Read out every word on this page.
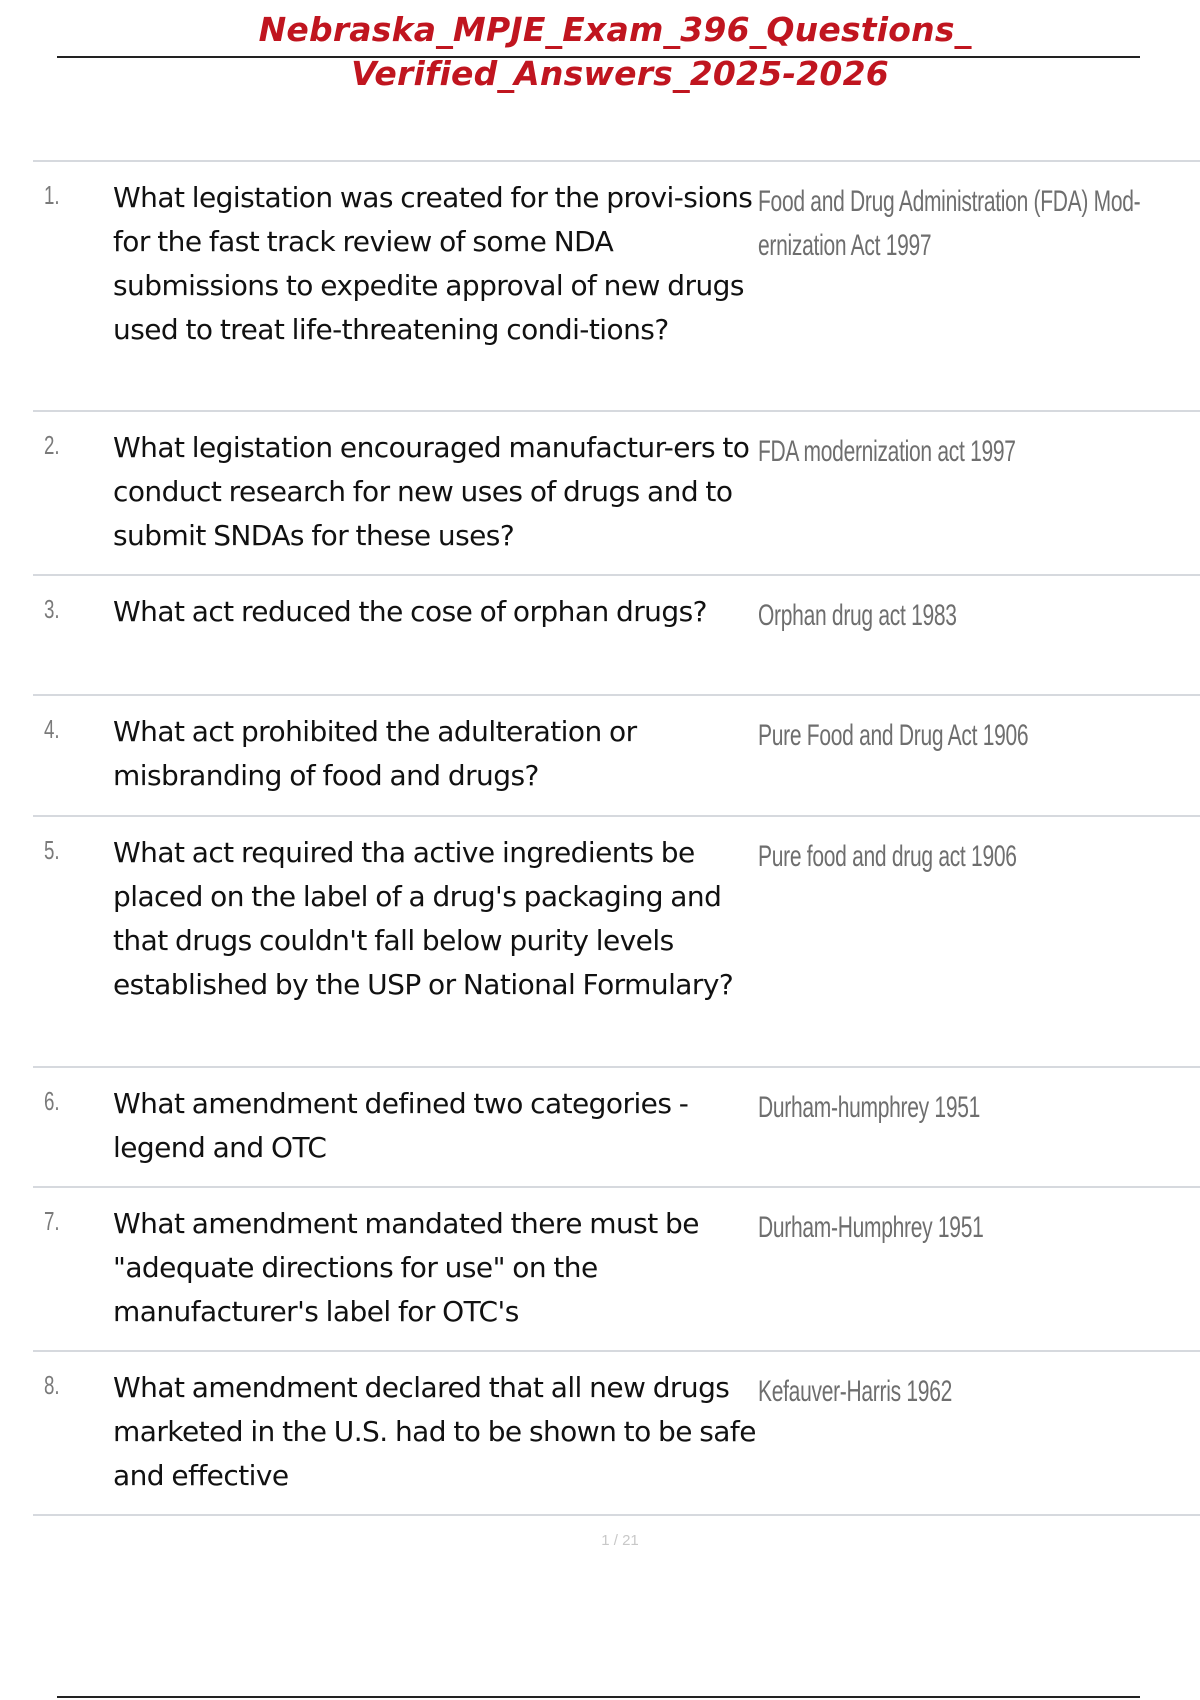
Nebraska_MPJE_Exam_396_Questions_
Verified_Answers_2025-2026
1. What legistation was created for the provi-sions for the fast track review of some NDA submissions to expedite approval of new drugs used to treat life-threatening condi-tions?
Food and Drug Administration (FDA) Mod-ernization Act 1997
2. What legistation encouraged manufactur-ers to conduct research for new uses of drugs and to submit SNDAs for these uses?
FDA modernization act 1997
3. What act reduced the cose of orphan drugs?	Orphan drug act 1983
4. What act prohibited the adulteration or misbranding of food and drugs?
Pure Food and Drug Act 1906
5. What act required tha active ingredients be placed on the label of a drug's packaging and that drugs couldn't fall below purity levels established by the USP or National Formulary?
Pure food and drug act 1906
6. What amendment defined two categories - legend and OTC
Durham-humphrey 1951
7. What amendment mandated there must be "adequate directions for use" on the manufacturer's label for OTC's
Durham-Humphrey 1951
8. What amendment declared that all new drugs marketed in the U.S. had to be shown to be safe and effective
Kefauver-Harris 1962
1 / 21
